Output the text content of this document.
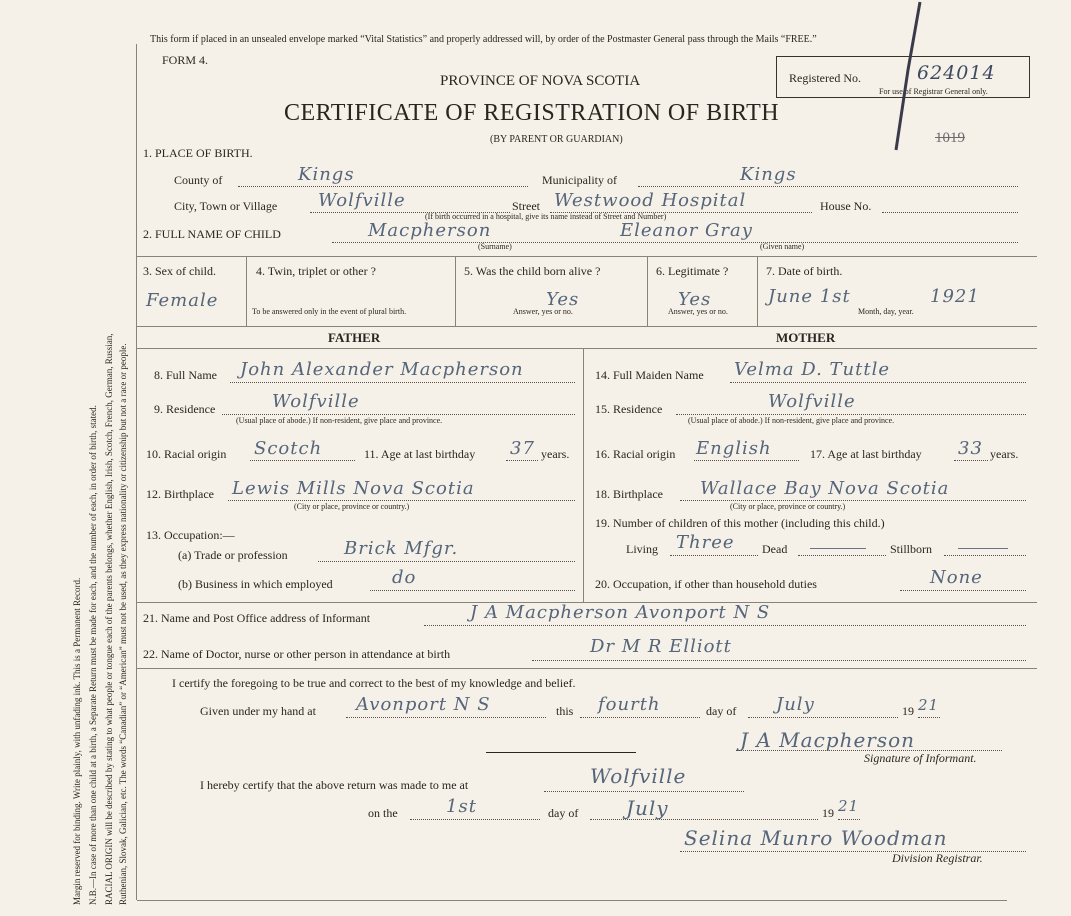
Margin reserved for binding. Write plainly, with unfading ink. This is a Permanent Record. N.B.—In case of more than one child at a birth, a Separate Return must be made for each, and the number of each, in order of birth, stated. RACIAL ORIGIN will be described by stating to what people or tongue each of the parents belongs, whether English, Irish, Scotch, French, German, Russian, Ruthenian, Slovak, Galician, etc. The words “Canadian” or “American” must not be used, as they express nationality or citizenship but not a race or people.
This form if placed in an unsealed envelope marked “Vital Statistics” and properly addressed will, by order of the Postmaster General pass through the Mails “FREE.”
FORM 4.
PROVINCE OF NOVA SCOTIA
CERTIFICATE OF REGISTRATION OF BIRTH
(BY PARENT OR GUARDIAN)
Registered No.	624014
For use of Registrar General only.
1019
1. PLACE OF BIRTH.
County of	Kings	Municipality of	Kings
City, Town or Village Wolfville	Street Westwood Hospital
(If birth occurred in a hospital, give its name instead of Street and Number)
House No.
2. FULL NAME OF CHILD	Macpherson
(Surname)
Eleanor Gray
(Given name)
3. Sex of child.
Female
4. Twin, triplet or other ?
To be answered only in the event of plural birth.
5. Was the child born alive ?
Yes
Answer, yes or no.
6. Legitimate ?
Yes
Answer, yes or no.
7. Date of birth.
June 1st	1921
Month, day, year.
FATHER	MOTHER
8. Full Name John Alexander Macpherson
9. Residence	Wolfville
(Usual place of abode.) If non-resident, give place and province.
10. Racial origin Scotch	11. Age at last birthday 37 years.
12. Birthplace Lewis Mills Nova Scotia
(City or place, province or country.)
13. Occupation:—
(a) Trade or profession	Brick Mfgr.
(b) Business in which employed	do
14. Full Maiden Name Velma D. Tuttle
15. Residence	Wolfville
(Usual place of abode.) If non-resident, give place and province.
16. Racial origin English	17. Age at last birthday 33 years.
18. Birthplace Wallace Bay Nova Scotia
(City or place, province or country.)
19. Number of children of this mother (including this child.)
Living Three Dead	Stillborn
20. Occupation, if other than household duties	None
21. Name and Post Office address of Informant	J A Macpherson Avonport N S
22. Name of Doctor, nurse or other person in attendance at birth	Dr M R Elliott
I certify the foregoing to be true and correct to the best of my knowledge and belief.
Given under my hand at Avonport N S	this fourth	day of July	19 21
J A Macpherson
Signature of Informant.
I hereby certify that the above return was made to me at	Wolfville
on the	1st	day of July	19 21
Selina Munro Woodman
Division Registrar.
